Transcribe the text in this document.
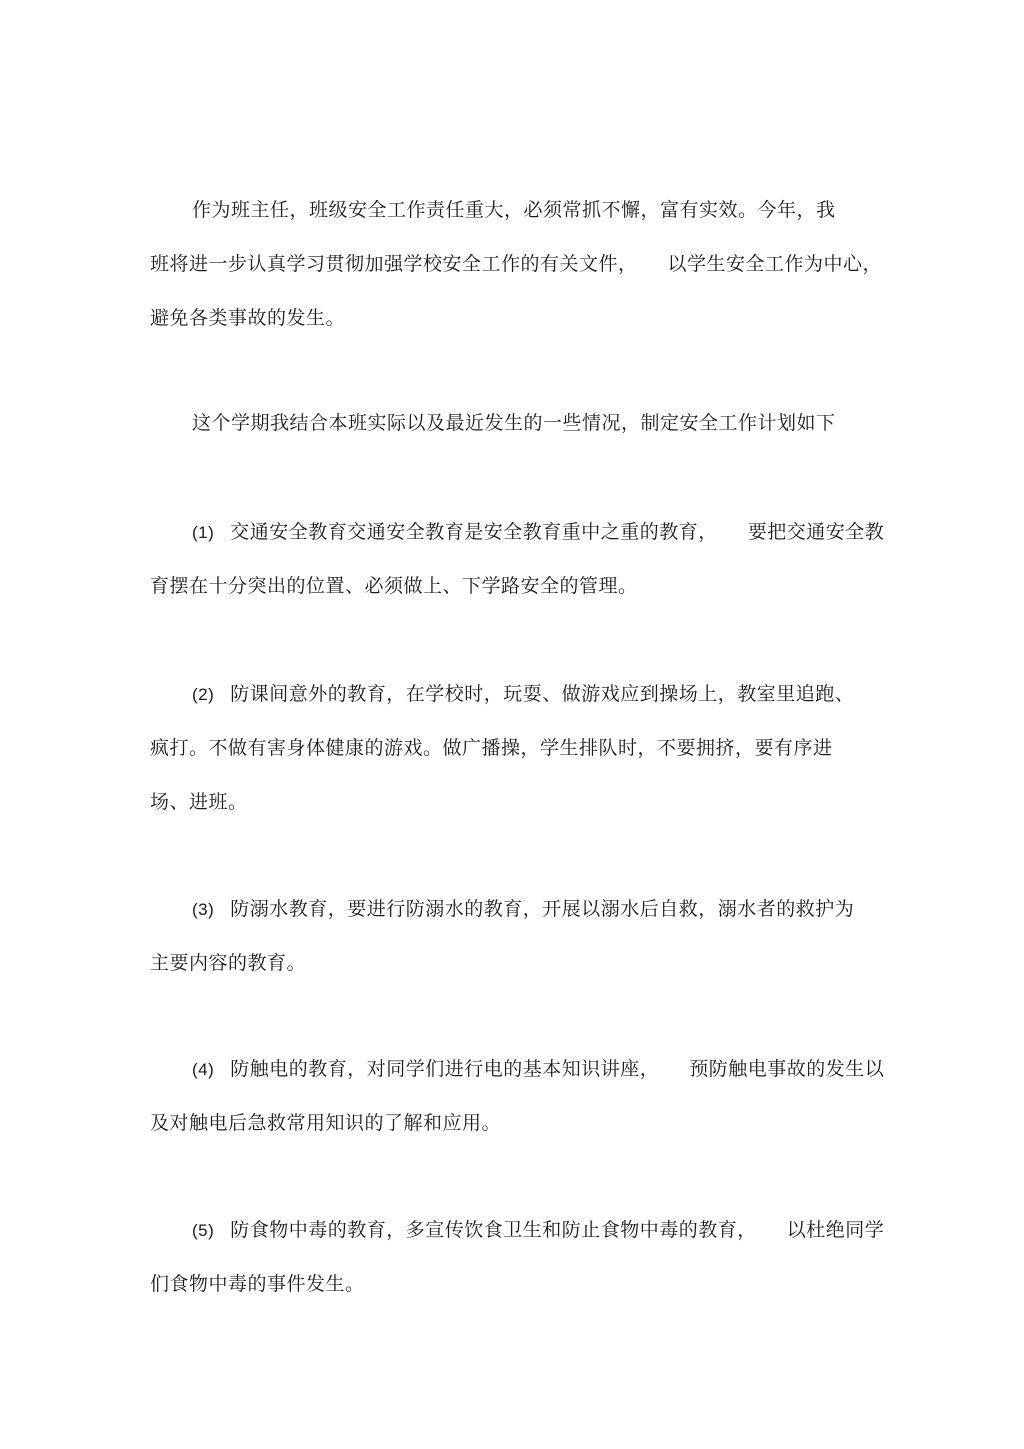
作为班主任，班级安全工作责任重大，必须常抓不懈，富有实效。今年，我
班将进一步认真学习贯彻加强学校安全工作的有关文件， 以学生安全工作为中心，
避免各类事故的发生。
这个学期我结合本班实际以及最近发生的一些情况，制定安全工作计划如下
(1) 交通安全教育交通安全教育是安全教育重中之重的教育， 要把交通安全教
育摆在十分突出的位置、必须做上、下学路安全的管理。
(2) 防课间意外的教育，在学校时，玩耍、做游戏应到操场上，教室里追跑、
疯打。不做有害身体健康的游戏。做广播操，学生排队时，不要拥挤，要有序进
场、进班。
(3) 防溺水教育，要进行防溺水的教育，开展以溺水后自救，溺水者的救护为
主要内容的教育。
(4) 防触电的教育，对同学们进行电的基本知识讲座， 预防触电事故的发生以
及对触电后急救常用知识的了解和应用。
(5) 防食物中毒的教育，多宣传饮食卫生和防止食物中毒的教育， 以杜绝同学
们食物中毒的事件发生。
